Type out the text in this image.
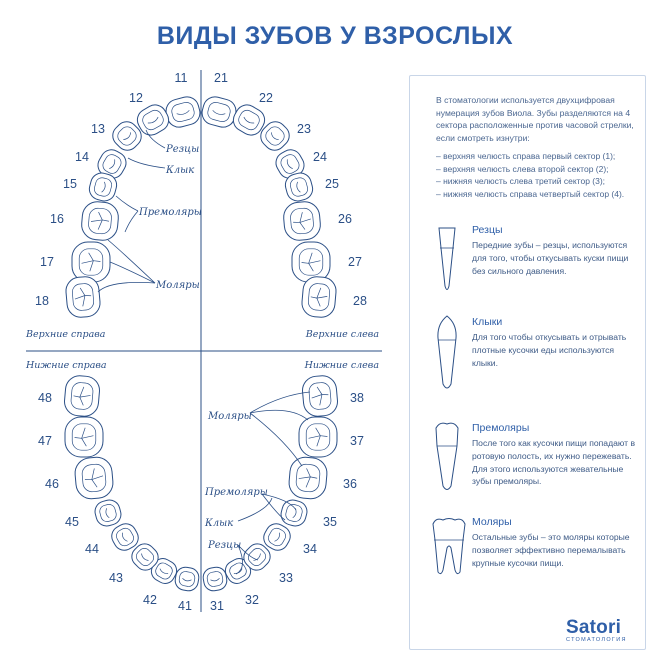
ВИДЫ ЗУБОВ У ВЗРОСЛЫХ
11 21
41 31
12	22
42	32
13	23
43	33
14	24
44	34
15	25
45	35
16	26
46	36
17	27
47	37
18	28
48	38
Верхние справа	Верхние слева
Нижние справа	Нижние слева
Резцы
Клык
Премоляры
Моляры
Моляры
Премоляры
Клык
Резцы
В стоматологии используется двухцифровая нумерация зубов Виола. Зубы разделяются на 4 сектора расположенные против часовой стрелки, если смотреть изнутри:
– верхняя челюсть справа первый сектор (1);
– верхняя челюсть слева второй сектор (2);
– нижняя челюсть слева третий сектор (3);
– нижняя челюсть справа четвертый сектор (4).
Резцы

Передние зубы – резцы, используются для того, чтобы откусывать куски пищи без сильного давления.

Клыки

Для того чтобы откусывать и отрывать плотные кусочки еды используются клыки.

Премоляры

После того как кусочки пищи попадают в ротовую полость, их нужно пережевать. Для этого используются жевательные зубы премоляры.

Моляры

Остальные зубы – это моляры которые позволяет эффективно перемалывать крупные кусочки пищи.

Satori
СТОМАТОЛОГИЯ
